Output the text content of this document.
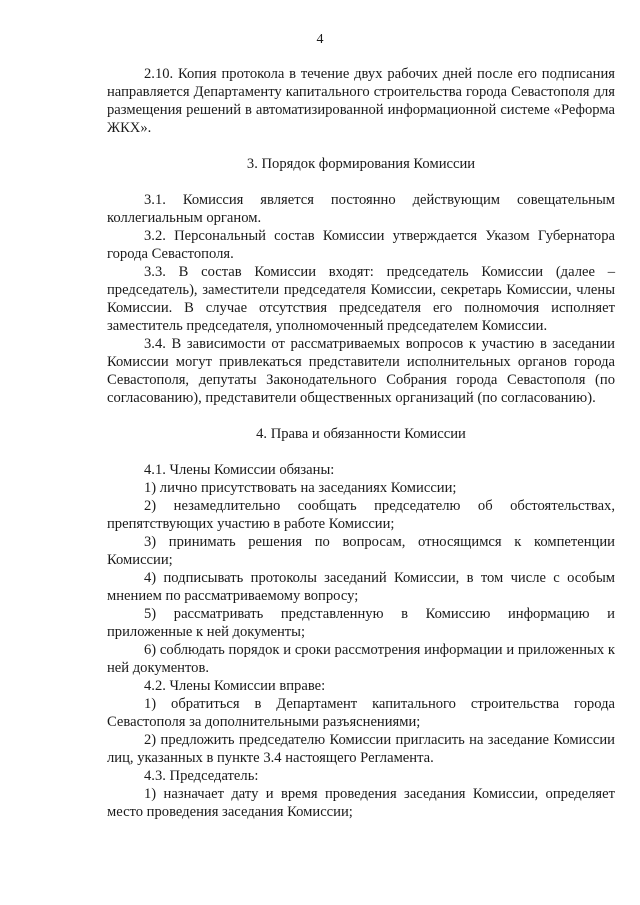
4

2.10. Копия протокола в течение двух рабочих дней после его подписания направляется Департаменту капитального строительства города Севастополя для размещения решений в автоматизированной информационной системе «Реформа ЖКХ».

3. Порядок формирования Комиссии

3.1. Комиссия является постоянно действующим совещательным коллегиальным органом.

3.2. Персональный состав Комиссии утверждается Указом Губернатора города Севастополя.

3.3. В состав Комиссии входят: председатель Комиссии (далее – председатель), заместители председателя Комиссии, секретарь Комиссии, члены Комиссии. В случае отсутствия председателя его полномочия исполняет заместитель председателя, уполномоченный председателем Комиссии.

3.4. В зависимости от рассматриваемых вопросов к участию в заседании Комиссии могут привлекаться представители исполнительных органов города Севастополя, депутаты Законодательного Собрания города Севастополя (по согласованию), представители общественных организаций (по согласованию).

4. Права и обязанности Комиссии

4.1. Члены Комиссии обязаны:

1) лично присутствовать на заседаниях Комиссии;

2) незамедлительно сообщать председателю об обстоятельствах, препятствующих участию в работе Комиссии;

3) принимать решения по вопросам, относящимся к компетенции Комиссии;

4) подписывать протоколы заседаний Комиссии, в том числе с особым мнением по рассматриваемому вопросу;

5) рассматривать представленную в Комиссию информацию и приложенные к ней документы;

6) соблюдать порядок и сроки рассмотрения информации и приложенных к ней документов.

4.2. Члены Комиссии вправе:

1) обратиться в Департамент капитального строительства города Севастополя за дополнительными разъяснениями;

2) предложить председателю Комиссии пригласить на заседание Комиссии лиц, указанных в пункте 3.4 настоящего Регламента.

4.3. Председатель:

1) назначает дату и время проведения заседания Комиссии, определяет место проведения заседания Комиссии;
